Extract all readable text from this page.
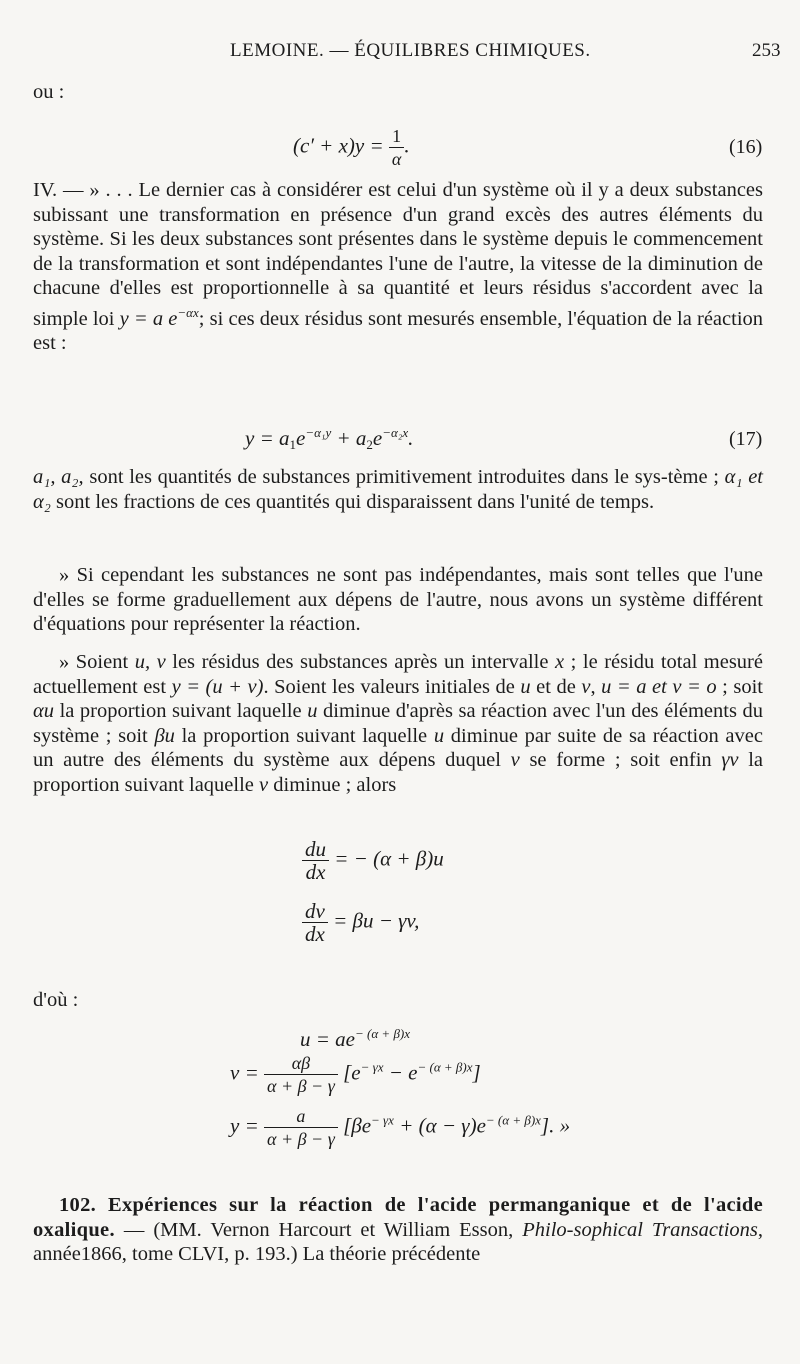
LEMOINE. — ÉQUILIBRES CHIMIQUES.	253
ou :
$(c' + x)y = \frac{1}{\alpha}$ .	(16)
IV. — » . . . Le dernier cas à considérer est celui d'un système où il y a deux substances subissant une transformation en présence d'un grand excès des autres éléments du système. Si les deux substances sont présentes dans le système depuis le commencement de la transformation et sont indépendantes l'une de l'autre, la vitesse de la diminution de chacune d'elles est proportionnelle à sa quantité et leurs résidus s'accordent avec la simple loi y = a $e^{-\alpha x}$; si ces deux résidus sont mesurés ensemble, l'équation de la réaction est :
$y = a_1e^{-\alpha_1y} + a_2e^{-\alpha_2x}$.	(17)
a₁, a₂, sont les quantités de substances primitivement introduites dans le sys-tème ; α₁ et α₂ sont les fractions de ces quantités qui disparaissent dans l'unité de temps.
» Si cependant les substances ne sont pas indépendantes, mais sont telles que l'une d'elles se forme graduellement aux dépens de l'autre, nous avons un système différent d'équations pour représenter la réaction.
» Soient u, v les résidus des substances après un intervalle x ; le résidu total mesuré actuellement est y = (u + v). Soient les valeurs initiales de u et de v, u = a et v = o ; soit αu la proportion suivant laquelle u diminue d'après sa réaction avec l'un des éléments du système ; soit βu la proportion suivant laquelle u diminue par suite de sa réaction avec un autre des éléments du système aux dépens duquel v se forme ; soit enfin γv la proportion suivant laquelle v diminue ; alors
$\frac{du}{dx}$ = − (α + β)u
$\frac{dv}{dx} = \beta u - \gamma v$,
d'où :
$u = ae^{- (\alpha + \beta)x}$
$v = \frac{\alpha\beta}{\alpha + \beta - \gamma} [e^{- \gamma x} - e^{- (\alpha + \beta)x}]$
$y = \frac{a}{\alpha + \beta - \gamma} [\beta e^{- \gamma x} + (\alpha - \gamma)e^{- (\alpha + \beta)x}]$. »
102. Expériences sur la réaction de l'acide permanganique et de l'acide oxalique. — (MM. Vernon Harcourt et William Esson, Philo-sophical Transactions, année1866, tome CLVI, p. 193.) La théorie précédente
